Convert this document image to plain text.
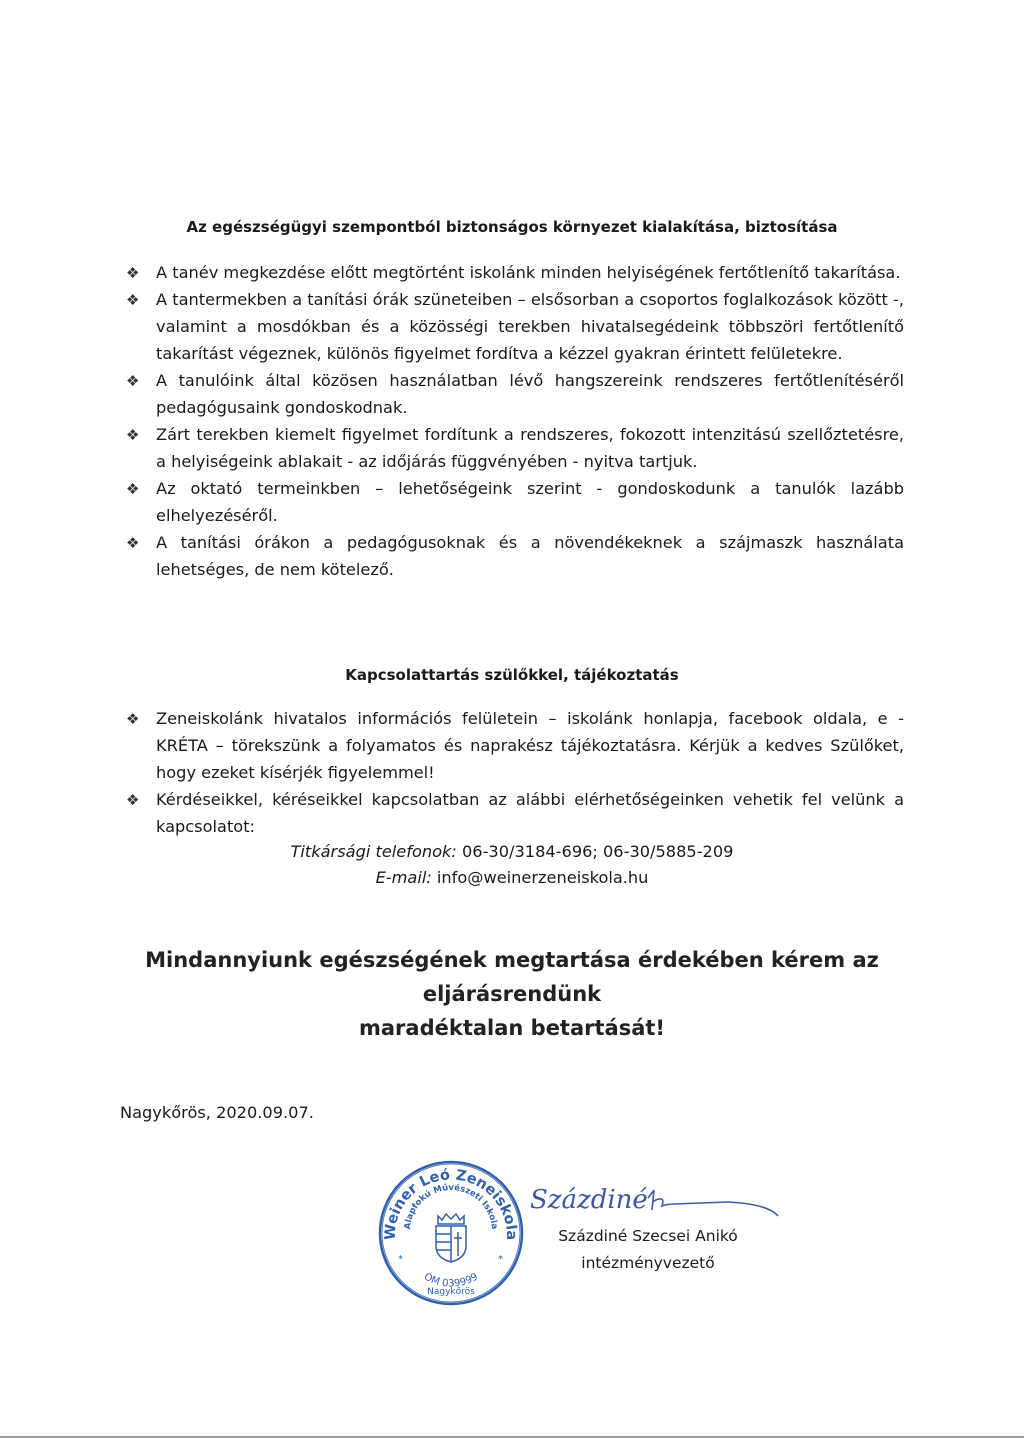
Az egészségügyi szempontból biztonságos környezet kialakítása, biztosítása
❖ A tanév megkezdése előtt megtörtént iskolánk minden helyiségének fertőtlenítő takarítása.
❖ A tantermekben a tanítási órák szüneteiben – elsősorban a csoportos foglalkozások között -, valamint a mosdókban és a közösségi terekben hivatalsegédeink többszöri fertőtlenítő takarítást végeznek, különös figyelmet fordítva a kézzel gyakran érintett felületekre.
❖ A tanulóink által közösen használatban lévő hangszereink rendszeres fertőtlenítéséről pedagógusaink gondoskodnak.
❖ Zárt terekben kiemelt figyelmet fordítunk a rendszeres, fokozott intenzitású szellőztetésre, a helyiségeink ablakait - az időjárás függvényében - nyitva tartjuk.
❖ Az oktató termeinkben – lehetőségeink szerint - gondoskodunk a tanulók lazább elhelyezéséről.
❖ A tanítási órákon a pedagógusoknak és a növendékeknek a szájmaszk használata lehetséges, de nem kötelező.
Kapcsolattartás szülőkkel, tájékoztatás
❖ Zeneiskolánk hivatalos információs felületein – iskolánk honlapja, facebook oldala, e - KRÉTA – törekszünk a folyamatos és naprakész tájékoztatásra. Kérjük a kedves Szülőket, hogy ezeket kísérjék figyelemmel!
❖ Kérdéseikkel, kéréseikkel kapcsolatban az alábbi elérhetőségeinken vehetik fel velünk a kapcsolatot:
Titkársági telefonok: 06-30/3184-696; 06-30/5885-209
E-mail: info@weinerzeneiskola.hu
Mindannyiunk egészségének megtartása érdekében kérem az eljárásrendünk
maradéktalan betartását!
Nagykőrös, 2020.09.07.
Weiner Leó Zeneiskola
Alapfokú Művészeti Iskola
OM 039999
Nagykőrös
*	*
Százdiné
Százdiné Szecsei Anikó
intézményvezető
